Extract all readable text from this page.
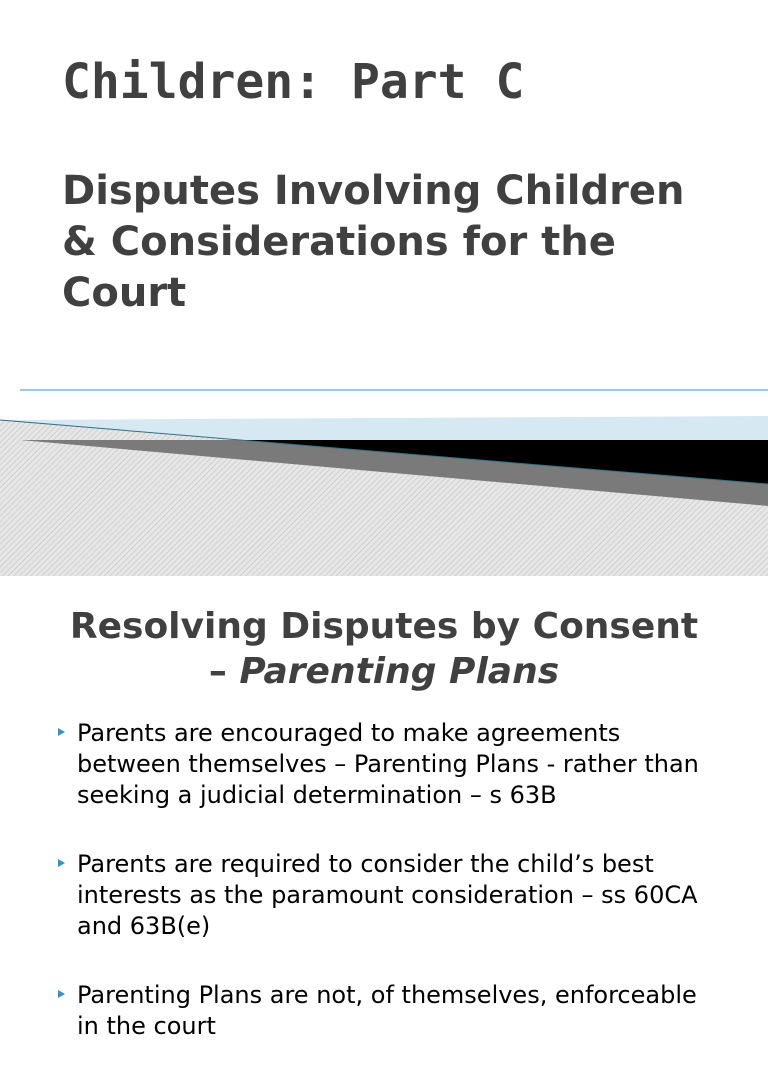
Children: Part C
Disputes Involving Children & Considerations for the Court
Resolving Disputes by Consent
– Parenting Plans
Parents are encouraged to make agreements between themselves – Parenting Plans - rather than seeking a judicial determination – s 63B
Parents are required to consider the child’s best interests as the paramount consideration – ss 60CA and 63B(e)
Parenting Plans are not, of themselves, enforceable in the court
